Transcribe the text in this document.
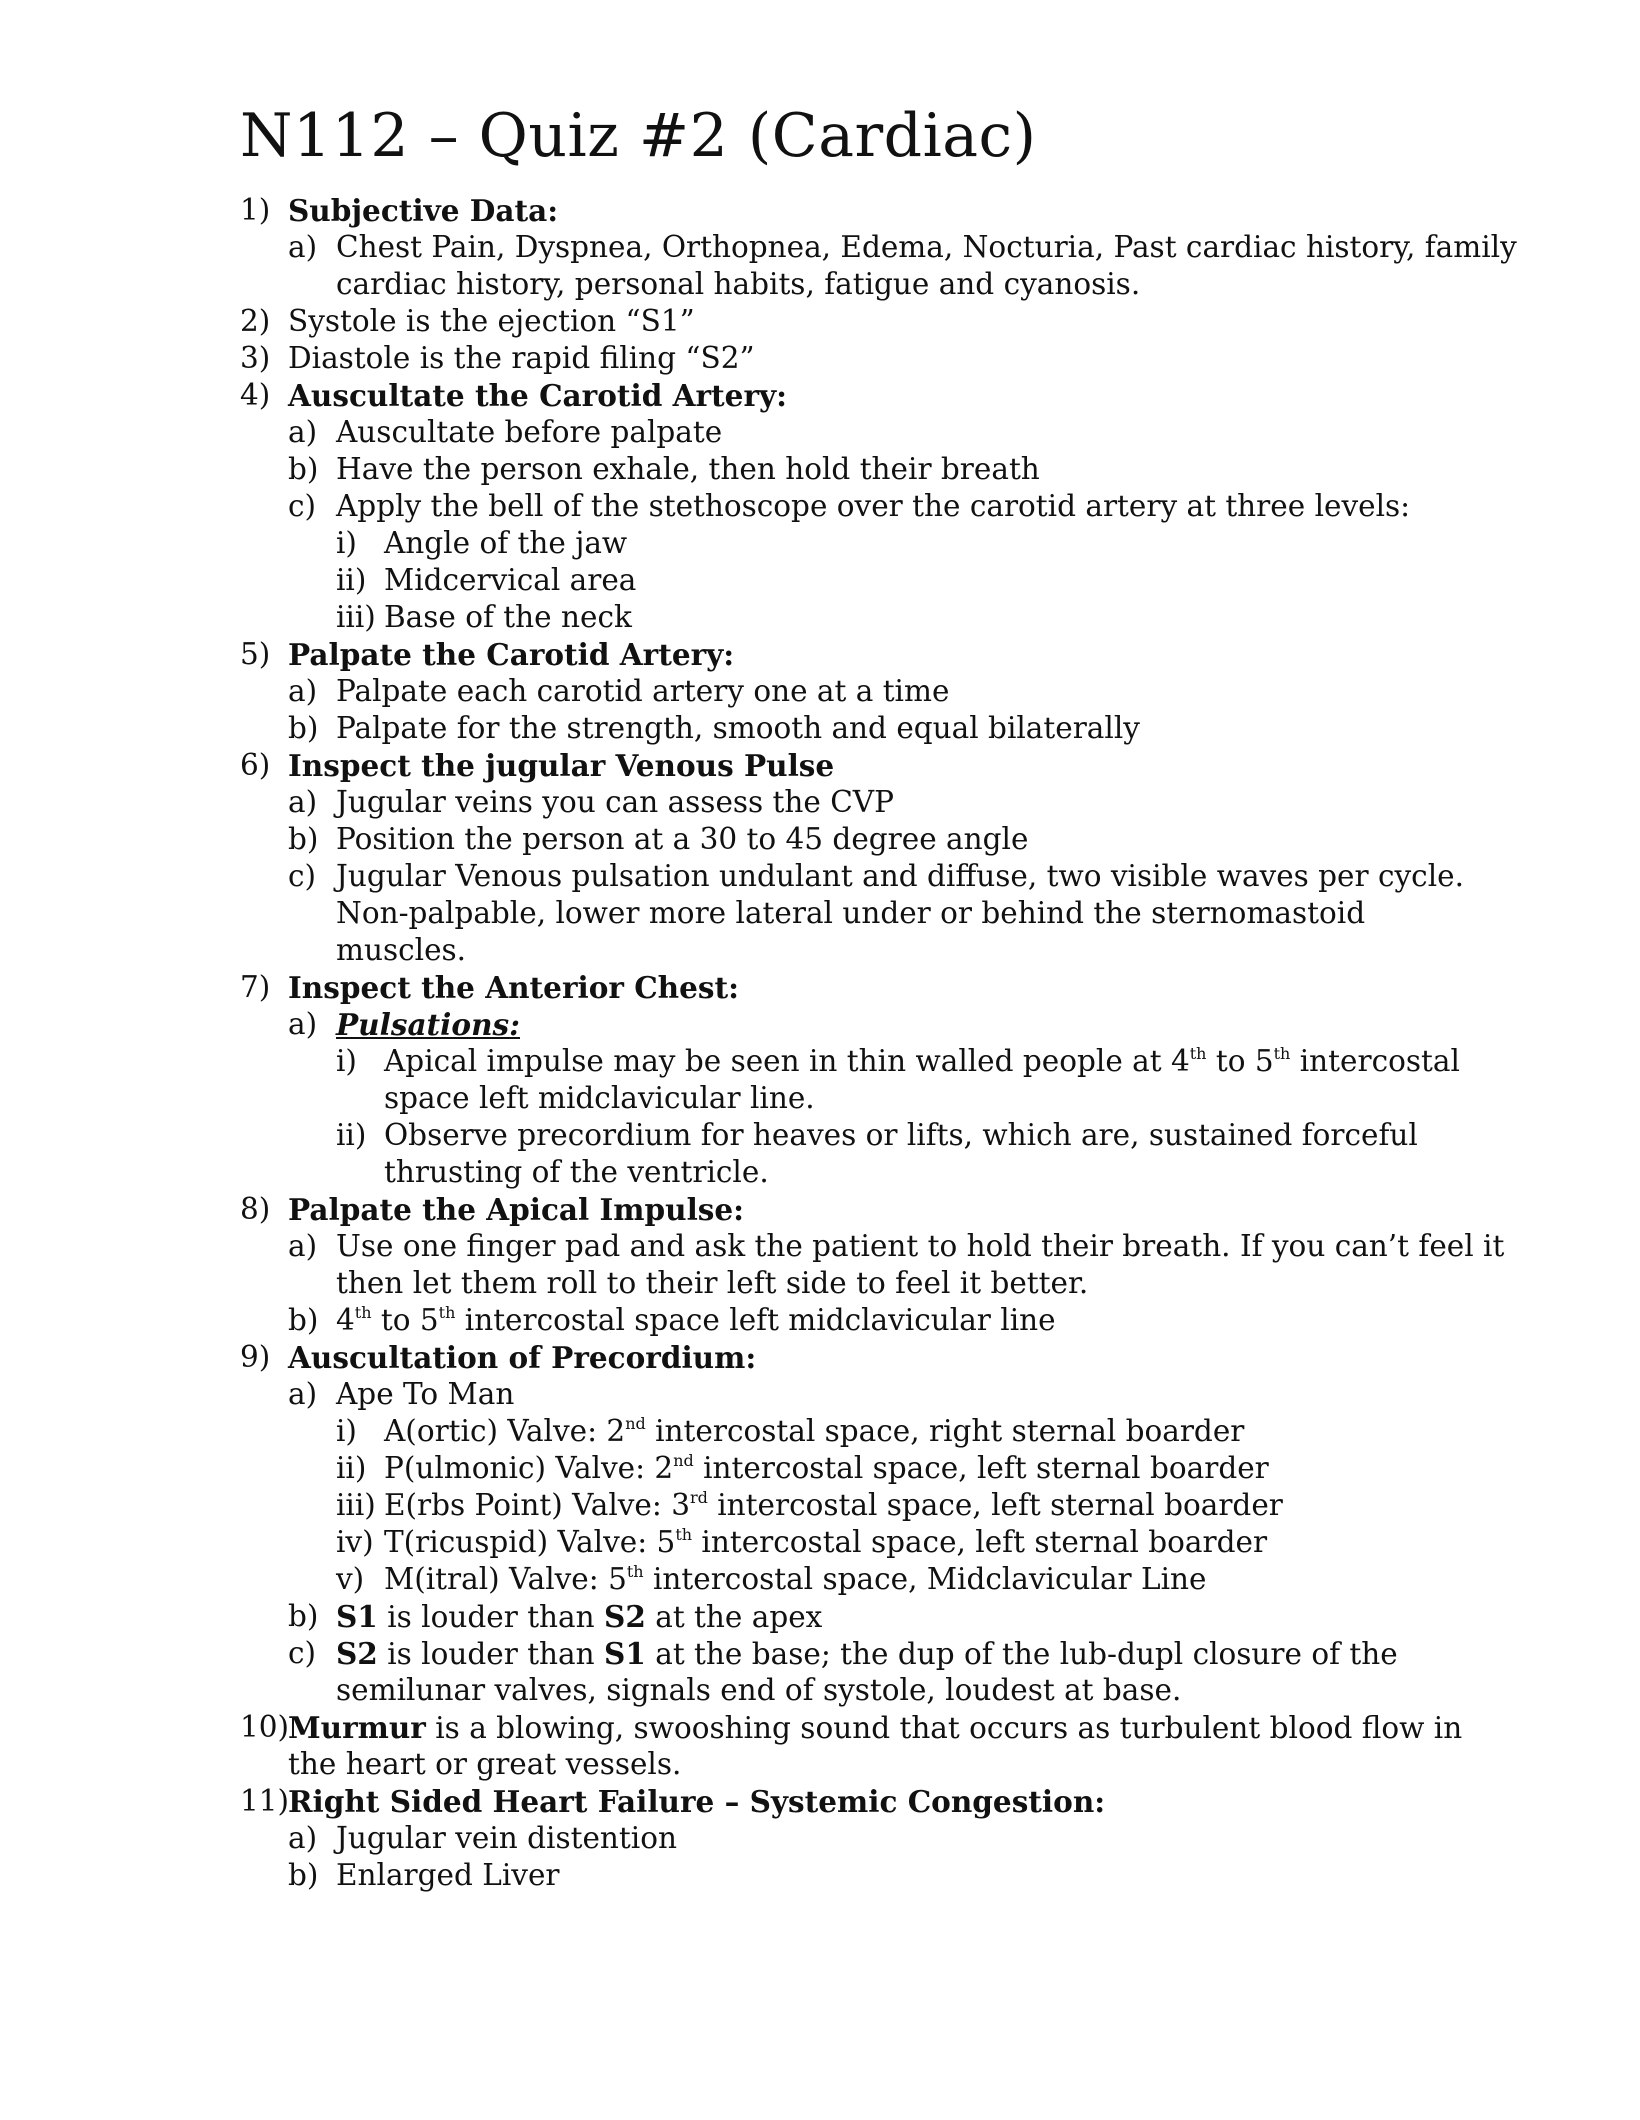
N112 – Quiz #2 (Cardiac)
1) Subjective Data:
a) Chest Pain, Dyspnea, Orthopnea, Edema, Nocturia, Past cardiac history, family
cardiac history, personal habits, fatigue and cyanosis.
2) Systole is the ejection “S1”
3) Diastole is the rapid filing “S2”
4) Auscultate the Carotid Artery:
a) Auscultate before palpate
b) Have the person exhale, then hold their breath
c) Apply the bell of the stethoscope over the carotid artery at three levels:
i) Angle of the jaw
ii) Midcervical area
iii) Base of the neck
5) Palpate the Carotid Artery:
a) Palpate each carotid artery one at a time
b) Palpate for the strength, smooth and equal bilaterally
6) Inspect the jugular Venous Pulse
a) Jugular veins you can assess the CVP
b) Position the person at a 30 to 45 degree angle
c) Jugular Venous pulsation undulant and diffuse, two visible waves per cycle.
Non-palpable, lower more lateral under or behind the sternomastoid
muscles.
7) Inspect the Anterior Chest:
a) Pulsations:
i) Apical impulse may be seen in thin walled people at 4th to 5th intercostal
space left midclavicular line.
ii) Observe precordium for heaves or lifts, which are, sustained forceful
thrusting of the ventricle.
8) Palpate the Apical Impulse:
a) Use one finger pad and ask the patient to hold their breath. If you can’t feel it
then let them roll to their left side to feel it better.
b) 4th to 5th intercostal space left midclavicular line
9) Auscultation of Precordium:
a) Ape To Man
i) A(ortic) Valve: 2nd intercostal space, right sternal boarder
ii) P(ulmonic) Valve: 2nd intercostal space, left sternal boarder
iii) E(rbs Point) Valve: 3rd intercostal space, left sternal boarder
iv) T(ricuspid) Valve: 5th intercostal space, left sternal boarder
v) M(itral) Valve: 5th intercostal space, Midclavicular Line
b) S1 is louder than S2 at the apex
c) S2 is louder than S1 at the base; the dup of the lub-dupl closure of the
semilunar valves, signals end of systole, loudest at base.
10)
Murmur is a blowing, swooshing sound that occurs as turbulent blood flow in
the heart or great vessels.
11)
Right Sided Heart Failure – Systemic Congestion:
a) Jugular vein distention
b) Enlarged Liver
